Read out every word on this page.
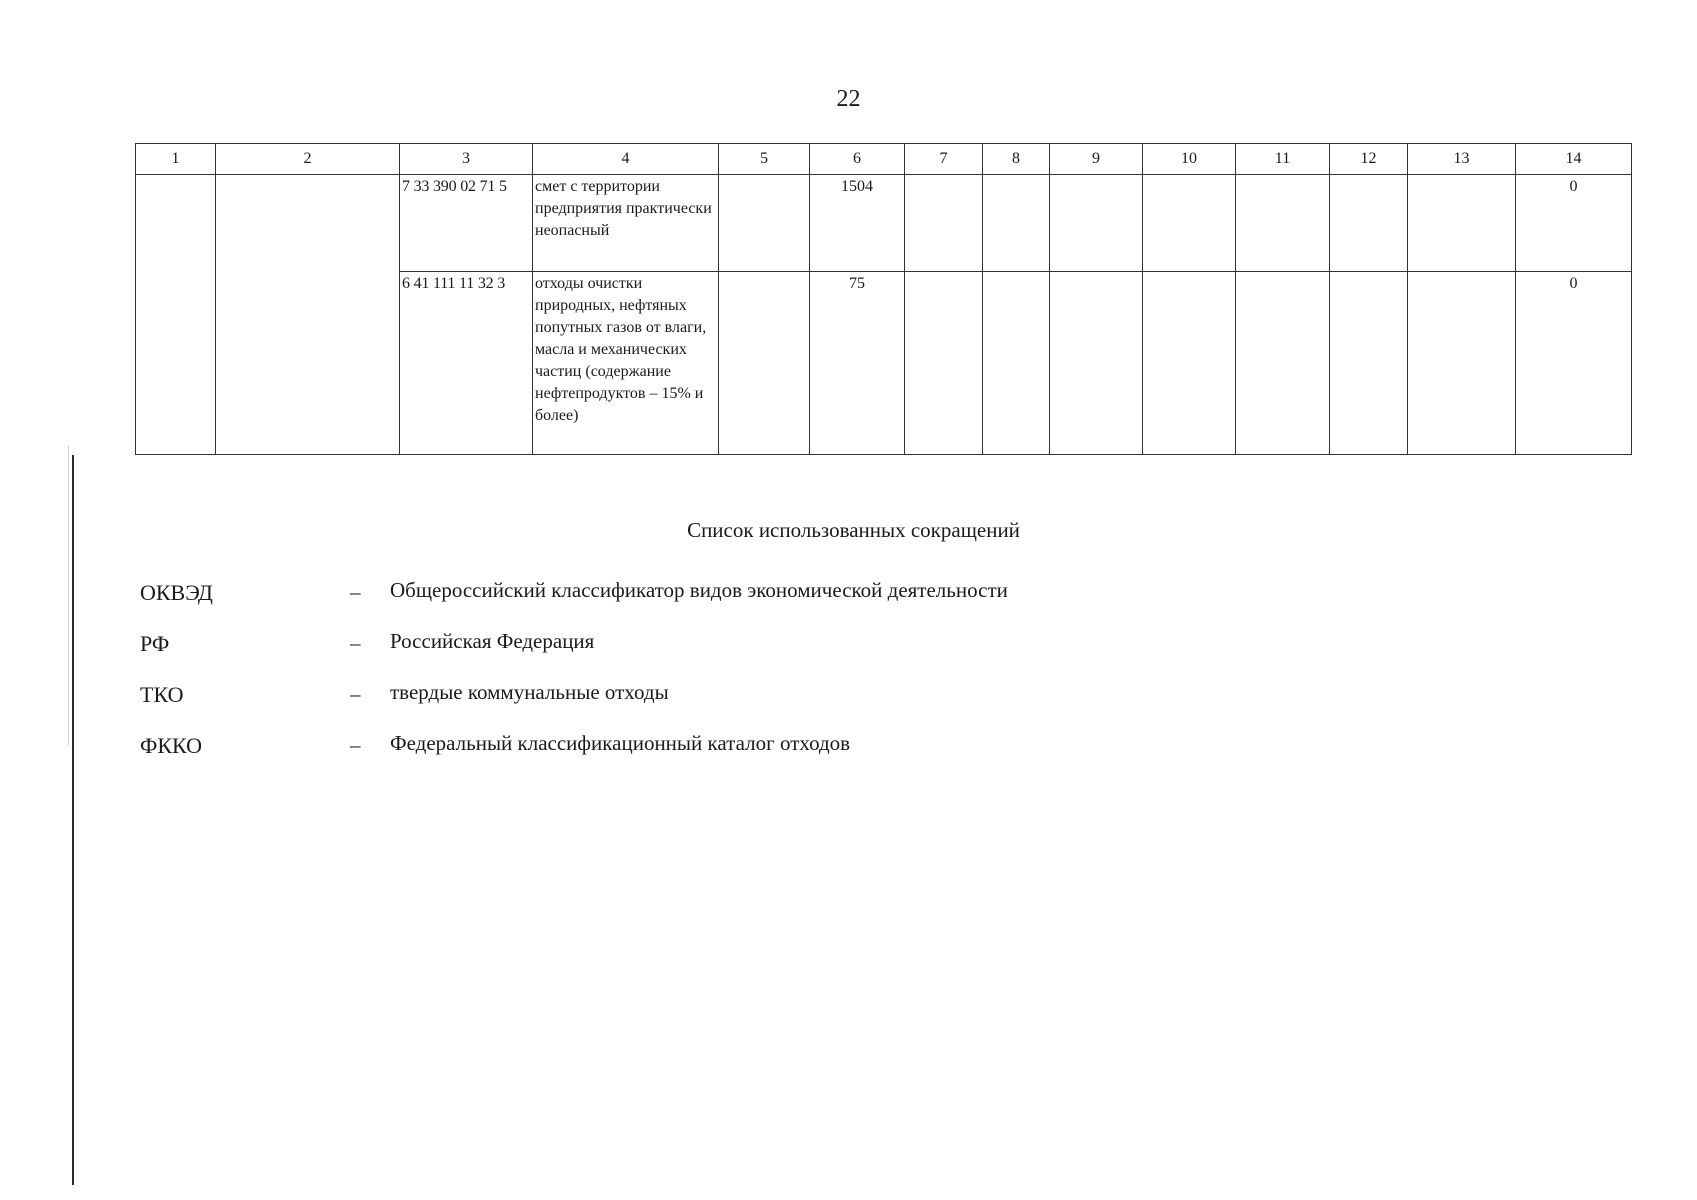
22
1	2	3	4	5	6	7	8	9	10	11	12	13	14
		7 33 390 02 71 5	смет с территории предприятия практически неопасный		1504								0
		6 41 111 11 32 3	отходы очистки природных, нефтяных попутных газов от влаги, масла и механических частиц (содержание нефтепродуктов – 15% и более)		75								0
Список использованных сокращений
ОКВЭД	– Общероссийский классификатор видов экономической деятельности
РФ	– Российская Федерация
ТКО	– твердые коммунальные отходы
ФККО	– Федеральный классификационный каталог отходов
